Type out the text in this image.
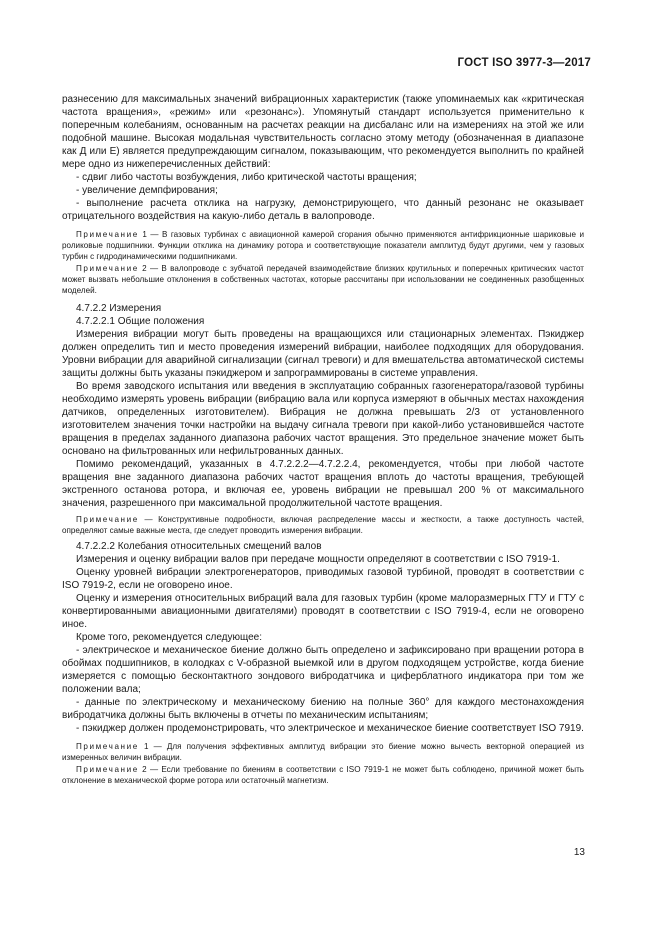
ГОСТ ISO 3977-3—2017

разнесению для максимальных значений вибрационных характеристик (также упоминаемых как «критическая частота вращения», «режим» или «резонанс»). Упомянутый стандарт используется применительно к поперечным колебаниям, основанным на расчетах реакции на дисбаланс или на измерениях на этой же или подобной машине. Высокая модальная чувствительность согласно этому методу (обозначенная в диапазоне как Д или Е) является предупреждающим сигналом, показывающим, что рекомендуется выполнить по крайней мере одно из нижеперечисленных действий:

- сдвиг либо частоты возбуждения, либо критической частоты вращения;

- увеличение демпфирования;

- выполнение расчета отклика на нагрузку, демонстрирующего, что данный резонанс не оказывает отрицательного воздействия на какую-либо деталь в валопроводе.

Примечание 1 — В газовых турбинах с авиационной камерой сгорания обычно применяются антифрикционные шариковые и роликовые подшипники. Функции отклика на динамику ротора и соответствующие показатели амплитуд будут другими, чем у газовых турбин с гидродинамическими подшипниками.

Примечание 2 — В валопроводе с зубчатой передачей взаимодействие близких крутильных и поперечных критических частот может вызвать небольшие отклонения в собственных частотах, которые рассчитаны при использовании не соединенных разобщенных моделей.

4.7.2.2 Измерения

4.7.2.2.1 Общие положения

Измерения вибрации могут быть проведены на вращающихся или стационарных элементах. Пэкиджер должен определить тип и место проведения измерений вибрации, наиболее подходящих для оборудования. Уровни вибрации для аварийной сигнализации (сигнал тревоги) и для вмешательства автоматической системы защиты должны быть указаны пэкиджером и запрограммированы в системе управления.

Во время заводского испытания или введения в эксплуатацию собранных газогенератора/газовой турбины необходимо измерять уровень вибрации (вибрацию вала или корпуса измеряют в обычных местах нахождения датчиков, определенных изготовителем). Вибрация не должна превышать 2/3 от установленного изготовителем значения точки настройки на выдачу сигнала тревоги при какой-либо установившейся частоте вращения в пределах заданного диапазона рабочих частот вращения. Это предельное значение может быть основано на фильтрованных или нефильтрованных данных.

Помимо рекомендаций, указанных в 4.7.2.2.2—4.7.2.2.4, рекомендуется, чтобы при любой частоте вращения вне заданного диапазона рабочих частот вращения вплоть до частоты вращения, требующей экстренного останова ротора, и включая ее, уровень вибрации не превышал 200 % от максимального значения, разрешенного при максимальной продолжительной частоте вращения.

Примечание — Конструктивные подробности, включая распределение массы и жесткости, а также доступность частей, определяют самые важные места, где следует проводить измерения вибрации.

4.7.2.2.2 Колебания относительных смещений валов

Измерения и оценку вибрации валов при передаче мощности определяют в соответствии с ISO 7919-1.

Оценку уровней вибрации электрогенераторов, приводимых газовой турбиной, проводят в соответствии с ISO 7919-2, если не оговорено иное.

Оценку и измерения относительных вибраций вала для газовых турбин (кроме малоразмерных ГТУ и ГТУ с конвертированными авиационными двигателями) проводят в соответствии с ISO 7919-4, если не оговорено иное.

Кроме того, рекомендуется следующее:

- электрическое и механическое биение должно быть определено и зафиксировано при вращении ротора в обоймах подшипников, в колодках с V-образной выемкой или в другом подходящем устройстве, когда биение измеряется с помощью бесконтактного зондового вибродатчика и циферблатного индикатора при том же положении вала;

- данные по электрическому и механическому биению на полные 360° для каждого местонахождения вибродатчика должны быть включены в отчеты по механическим испытаниям;

- пэкиджер должен продемонстрировать, что электрическое и механическое биение соответствует ISO 7919.

Примечание 1 — Для получения эффективных амплитуд вибрации это биение можно вычесть векторной операцией из измеренных величин вибрации.

Примечание 2 — Если требование по биениям в соответствии с ISO 7919-1 не может быть соблюдено, причиной может быть отклонение в механической форме ротора или остаточный магнетизм.

13
